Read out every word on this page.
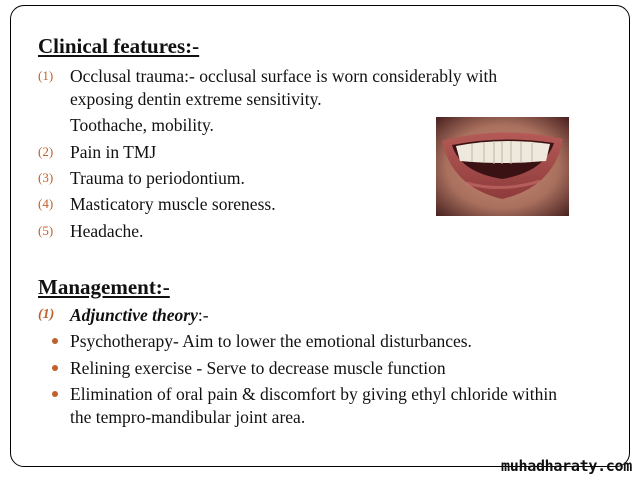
Clinical features:-
(1) Occlusal trauma:- occlusal surface is worn considerably with
exposing dentin extreme sensitivity.
Toothache, mobility.
(2) Pain in TMJ
(3) Trauma to periodontium.
(4) Masticatory muscle soreness.
(5) Headache.
Management:-
(1) Adjunctive theory:-
Psychotherapy- Aim to lower the emotional disturbances.
Relining exercise - Serve to decrease muscle function
Elimination of oral pain & discomfort by giving ethyl chloride within
the tempro-mandibular joint area.
muhadharaty.com
